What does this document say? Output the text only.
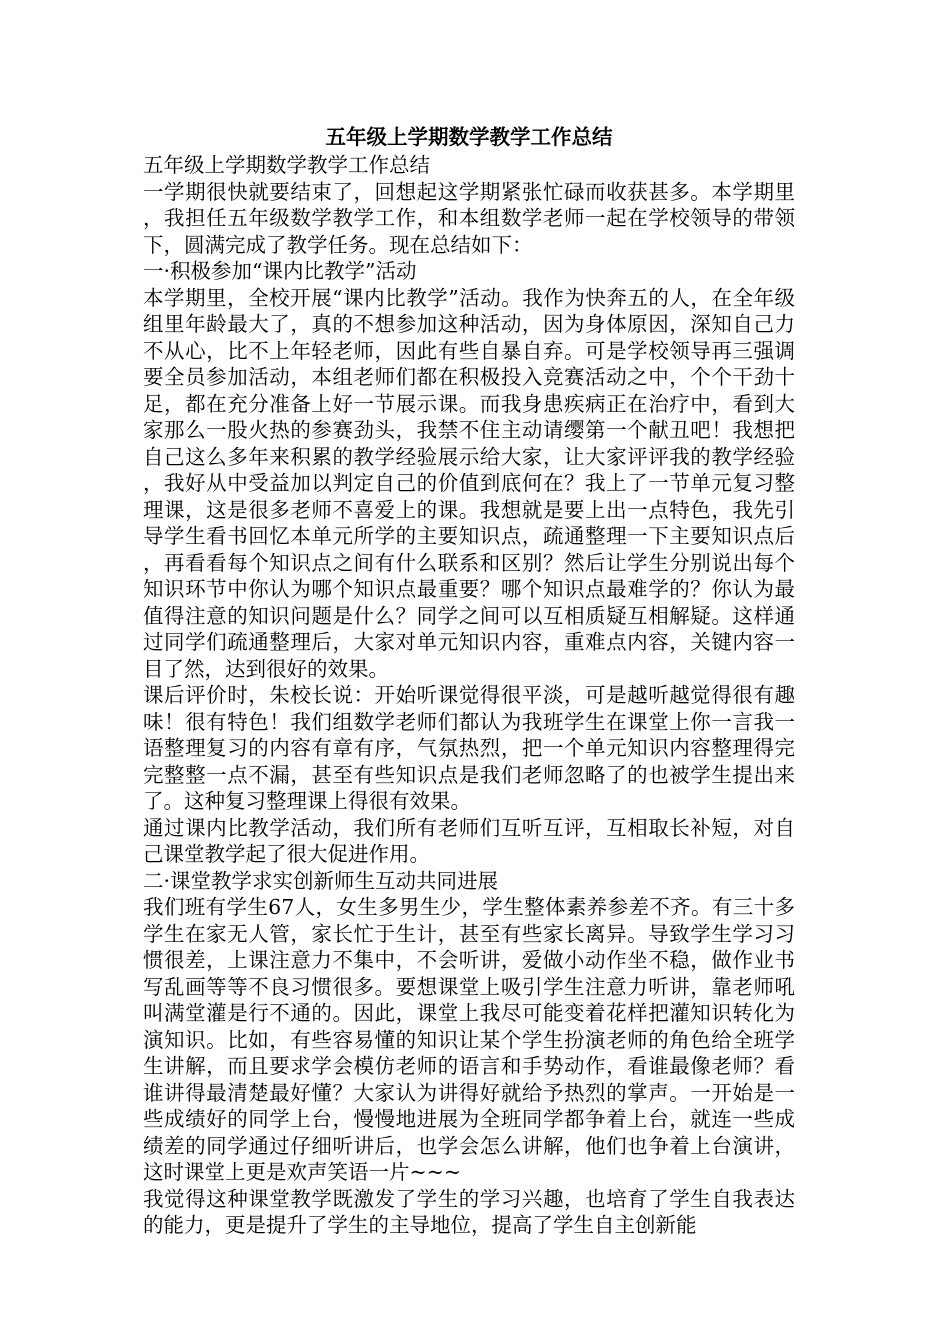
五年级上学期数学教学工作总结
五年级上学期数学教学工作总结
一学期很快就要结束了，回想起这学期紧张忙碌而收获甚多。本学期里，我担任五年级数学教学工作，和本组数学老师一起在学校领导的带领下，圆满完成了教学任务。现在总结如下：
一·积极参加“课内比教学”活动
本学期里，全校开展“课内比教学”活动。我作为快奔五的人，在全年级组里年龄最大了，真的不想参加这种活动，因为身体原因，深知自己力不从心，比不上年轻老师，因此有些自暴自弃。可是学校领导再三强调要全员参加活动，本组老师们都在积极投入竞赛活动之中，个个干劲十足，都在充分准备上好一节展示课。而我身患疾病正在治疗中，看到大家那么一股火热的参赛劲头，我禁不住主动请缨第一个献丑吧！我想把自己这么多年来积累的教学经验展示给大家，让大家评评我的教学经验，我好从中受益加以判定自己的价值到底何在？我上了一节单元复习整理课，这是很多老师不喜爱上的课。我想就是要上出一点特色，我先引导学生看书回忆本单元所学的主要知识点，疏通整理一下主要知识点后，再看看每个知识点之间有什么联系和区别？然后让学生分别说出每个知识环节中你认为哪个知识点最重要？哪个知识点最难学的？你认为最值得注意的知识问题是什么？同学之间可以互相质疑互相解疑。这样通过同学们疏通整理后，大家对单元知识内容，重难点内容，关键内容一目了然，达到很好的效果。
课后评价时，朱校长说：开始听课觉得很平淡，可是越听越觉得很有趣味！很有特色！我们组数学老师们都认为我班学生在课堂上你一言我一语整理复习的内容有章有序，气氛热烈，把一个单元知识内容整理得完完整整一点不漏，甚至有些知识点是我们老师忽略了的也被学生提出来了。这种复习整理课上得很有效果。
通过课内比教学活动，我们所有老师们互听互评，互相取长补短，对自己课堂教学起了很大促进作用。
二·课堂教学求实创新师生互动共同进展
我们班有学生67人，女生多男生少，学生整体素养参差不齐。有三十多学生在家无人管，家长忙于生计，甚至有些家长离异。导致学生学习习惯很差，上课注意力不集中，不会听讲，爱做小动作坐不稳，做作业书写乱画等等不良习惯很多。要想课堂上吸引学生注意力听讲，靠老师吼叫满堂灌是行不通的。因此，课堂上我尽可能变着花样把灌知识转化为演知识。比如，有些容易懂的知识让某个学生扮演老师的角色给全班学生讲解，而且要求学会模仿老师的语言和手势动作，看谁最像老师？看谁讲得最清楚最好懂？大家认为讲得好就给予热烈的掌声。一开始是一些成绩好的同学上台，慢慢地进展为全班同学都争着上台，就连一些成绩差的同学通过仔细听讲后，也学会怎么讲解，他们也争着上台演讲，这时课堂上更是欢声笑语一片~~~
我觉得这种课堂教学既激发了学生的学习兴趣，也培育了学生自我表达的能力，更是提升了学生的主导地位，提高了学生自主创新能
